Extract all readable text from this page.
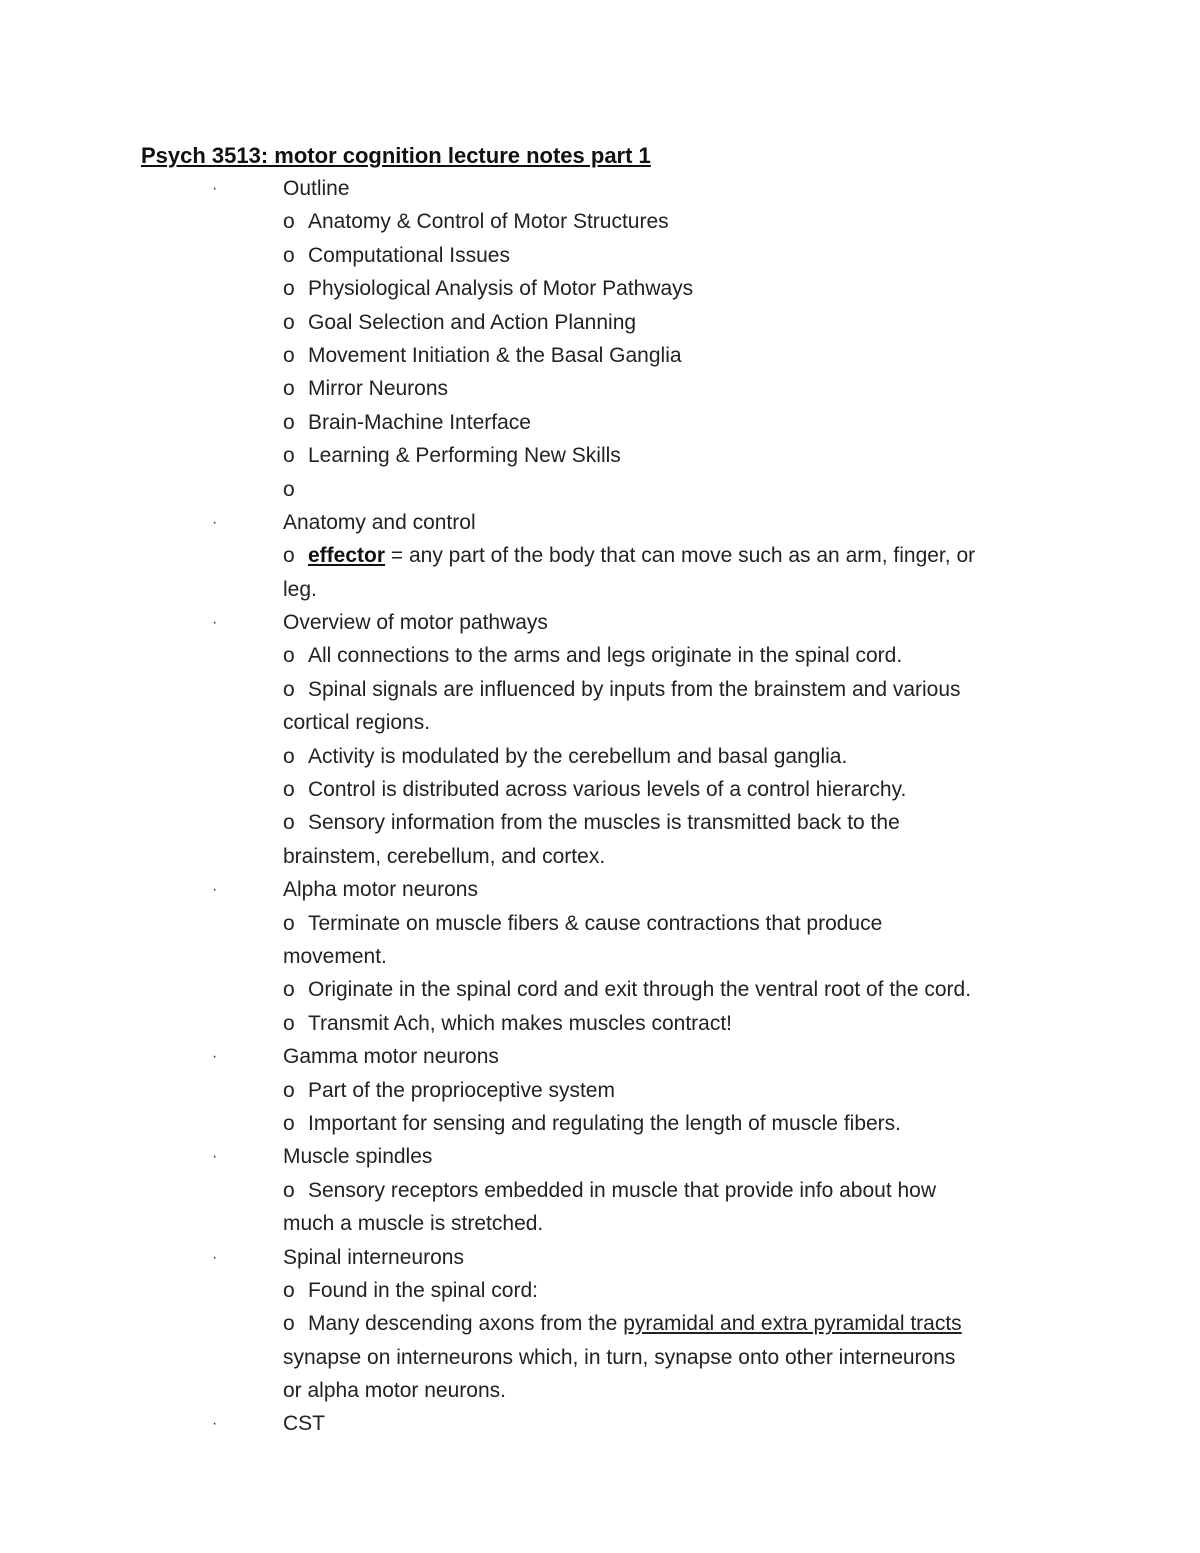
Psych 3513: motor cognition lecture notes part 1
·	Outline
o Anatomy & Control of Motor Structures
o Computational Issues
o Physiological Analysis of Motor Pathways
o Goal Selection and Action Planning
o Movement Initiation & the Basal Ganglia
o Mirror Neurons
o Brain-Machine Interface
o Learning & Performing New Skills
o
·	Anatomy and control
o effector = any part of the body that can move such as an arm, finger, or
leg.
·	Overview of motor pathways
o All connections to the arms and legs originate in the spinal cord.
o Spinal signals are influenced by inputs from the brainstem and various
cortical regions.
o Activity is modulated by the cerebellum and basal ganglia.
o Control is distributed across various levels of a control hierarchy.
o Sensory information from the muscles is transmitted back to the
brainstem, cerebellum, and cortex.
·	Alpha motor neurons
o Terminate on muscle fibers & cause contractions that produce
movement.
o Originate in the spinal cord and exit through the ventral root of the cord.
o Transmit Ach, which makes muscles contract!
·	Gamma motor neurons
o Part of the proprioceptive system
o Important for sensing and regulating the length of muscle fibers.
·	Muscle spindles
o Sensory receptors embedded in muscle that provide info about how
much a muscle is stretched.
·	Spinal interneurons
o Found in the spinal cord:
o Many descending axons from the pyramidal and extra pyramidal tracts
synapse on interneurons which, in turn, synapse onto other interneurons
or alpha motor neurons.
·	CST
